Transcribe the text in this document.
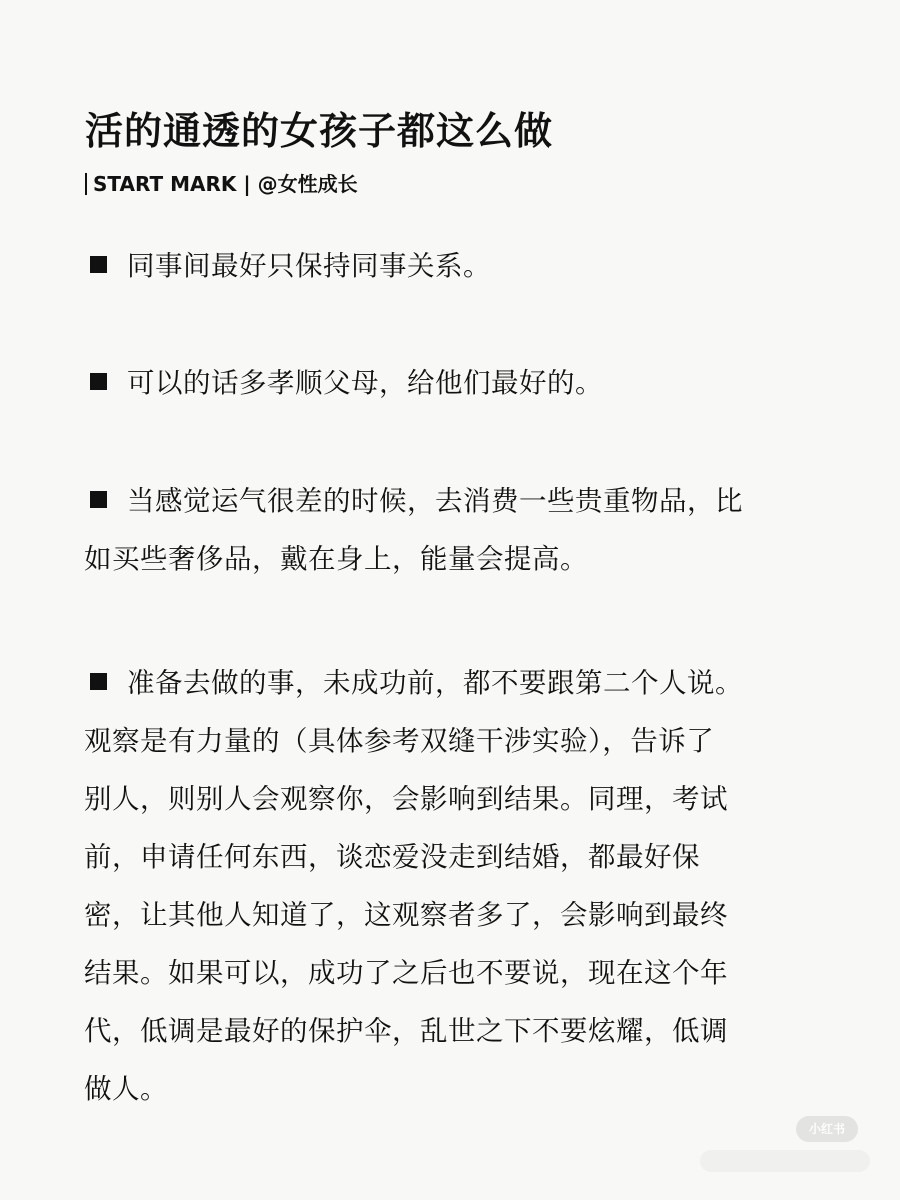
活的通透的女孩子都这么做
START MARK | @女性成长
同事间最好只保持同事关系。
可以的话多孝顺父母，给他们最好的。
当感觉运气很差的时候，去消费一些贵重物品，比
如买些奢侈品，戴在身上，能量会提高。
准备去做的事，未成功前，都不要跟第二个人说。
观察是有力量的（具体参考双缝干涉实验），告诉了
别人，则别人会观察你，会影响到结果。同理，考试
前，申请任何东西，谈恋爱没走到结婚，都最好保
密，让其他人知道了，这观察者多了，会影响到最终
结果。如果可以，成功了之后也不要说，现在这个年
代，低调是最好的保护伞，乱世之下不要炫耀，低调
做人。
小红书
